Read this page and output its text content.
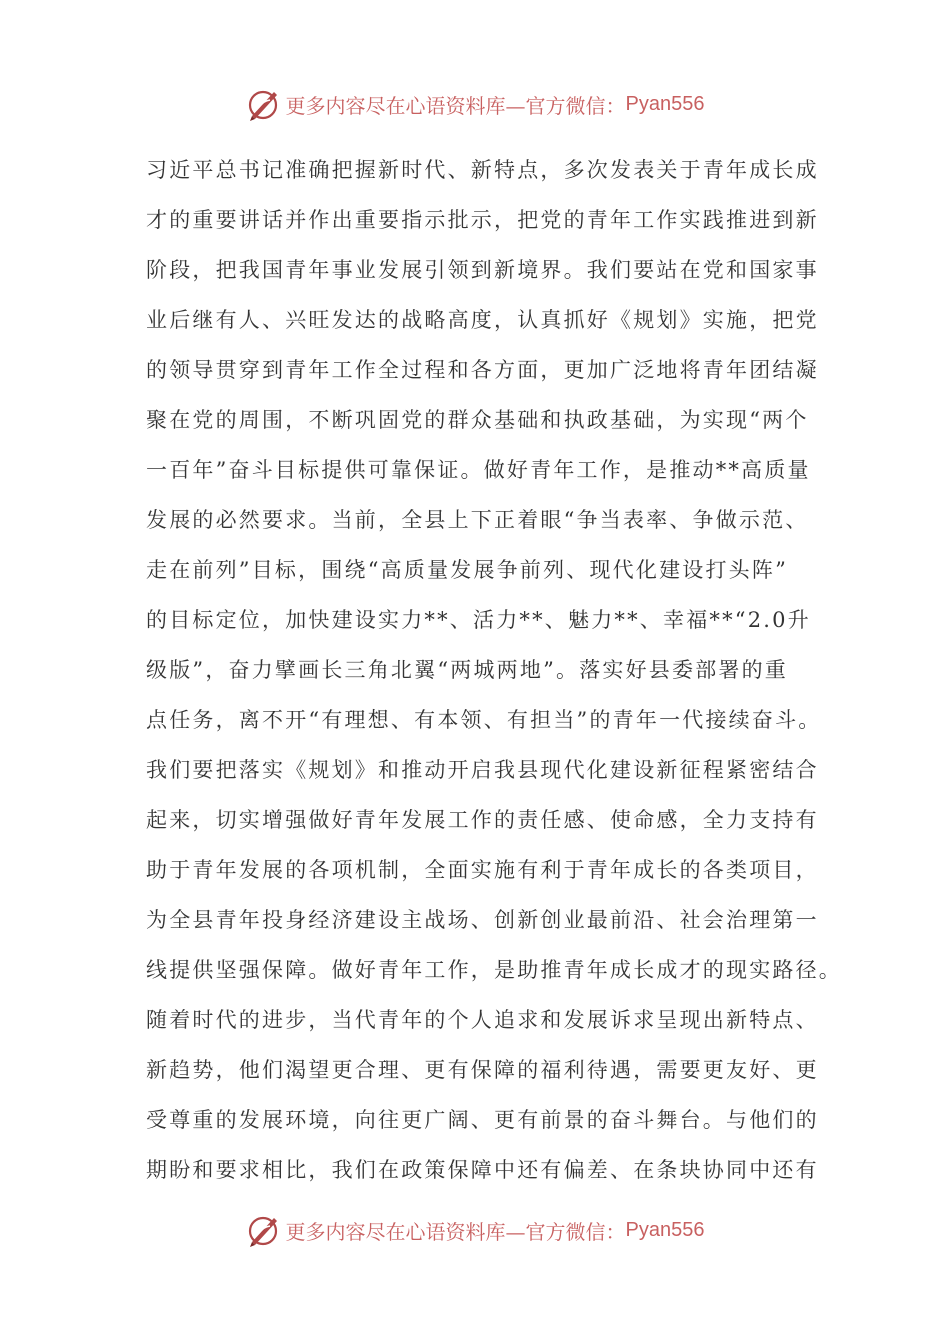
更多内容尽在心语资料库—官方微信： Pyan556
习近平总书记准确把握新时代、新特点，多次发表关于青年成长成
才的重要讲话并作出重要指示批示，把党的青年工作实践推进到新
阶段，把我国青年事业发展引领到新境界。我们要站在党和国家事
业后继有人、兴旺发达的战略高度，认真抓好《规划》实施，把党
的领导贯穿到青年工作全过程和各方面，更加广泛地将青年团结凝
聚在党的周围，不断巩固党的群众基础和执政基础，为实现“两个
一百年”奋斗目标提供可靠保证。做好青年工作，是推动**高质量
发展的必然要求。当前，全县上下正着眼“争当表率、争做示范、
走在前列”目标，围绕“高质量发展争前列、现代化建设打头阵”
的目标定位，加快建设实力**、活力**、魅力**、幸福**“2.0升
级版”，奋力擘画长三角北翼“两城两地”。落实好县委部署的重
点任务，离不开“有理想、有本领、有担当”的青年一代接续奋斗。
我们要把落实《规划》和推动开启我县现代化建设新征程紧密结合
起来，切实增强做好青年发展工作的责任感、使命感，全力支持有
助于青年发展的各项机制，全面实施有利于青年成长的各类项目，
为全县青年投身经济建设主战场、创新创业最前沿、社会治理第一
线提供坚强保障。做好青年工作，是助推青年成长成才的现实路径。
随着时代的进步，当代青年的个人追求和发展诉求呈现出新特点、
新趋势，他们渴望更合理、更有保障的福利待遇，需要更友好、更
受尊重的发展环境，向往更广阔、更有前景的奋斗舞台。与他们的
期盼和要求相比，我们在政策保障中还有偏差、在条块协同中还有
更多内容尽在心语资料库—官方微信： Pyan556
